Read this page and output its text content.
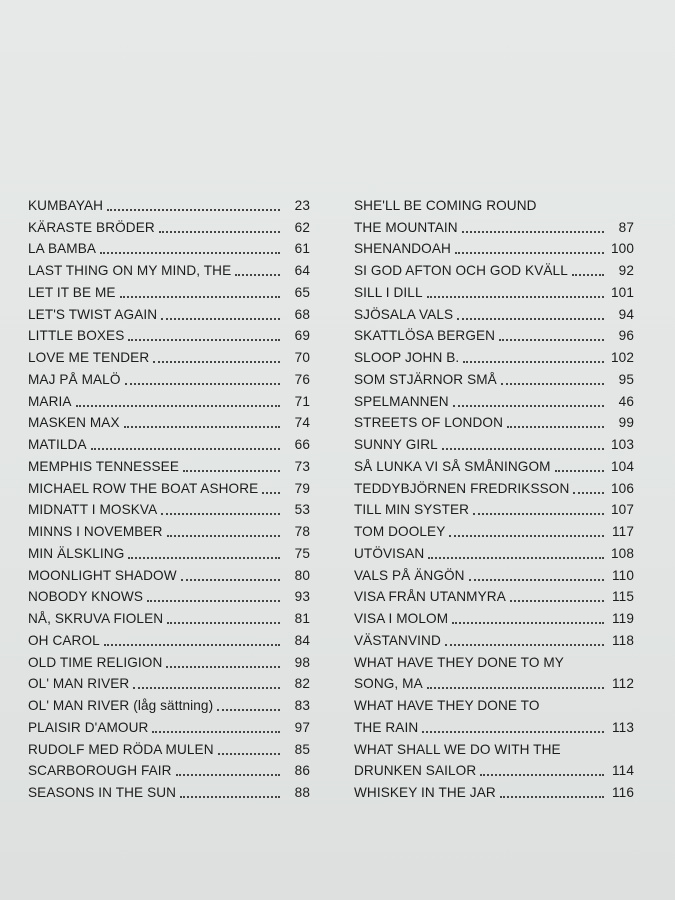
KUMBAYAH	23
KÄRASTE BRÖDER	62
LA BAMBA	61
LAST THING ON MY MIND, THE	64
LET IT BE ME	65
LET'S TWIST AGAIN	68
LITTLE BOXES	69
LOVE ME TENDER	70
MAJ PÅ MALÖ	76
MARIA	71
MASKEN MAX	74
MATILDA	66
MEMPHIS TENNESSEE	73
MICHAEL ROW THE BOAT ASHORE	79
MIDNATT I MOSKVA	53
MINNS I NOVEMBER	78
MIN ÄLSKLING	75
MOONLIGHT SHADOW	80
NOBODY KNOWS	93
NÅ, SKRUVA FIOLEN	81
OH CAROL	84
OLD TIME RELIGION	98
OL' MAN RIVER	82
OL' MAN RIVER (låg sättning)	83
PLAISIR D'AMOUR	97
RUDOLF MED RÖDA MULEN	85
SCARBOROUGH FAIR	86
SEASONS IN THE SUN	88
SHE'LL BE COMING ROUND
THE MOUNTAIN	87
SHENANDOAH	100
SI GOD AFTON OCH GOD KVÄLL	92
SILL I DILL	101
SJÖSALA VALS	94
SKATTLÖSA BERGEN	96
SLOOP JOHN B.	102
SOM STJÄRNOR SMÅ	95
SPELMANNEN	46
STREETS OF LONDON	99
SUNNY GIRL	103
SÅ LUNKA VI SÅ SMÅNINGOM	104
TEDDYBJÖRNEN FREDRIKSSON	106
TILL MIN SYSTER	107
TOM DOOLEY	117
UTÖVISAN	108
VALS PÅ ÄNGÖN	110
VISA FRÅN UTANMYRA	115
VISA I MOLOM	119
VÄSTANVIND	118
WHAT HAVE THEY DONE TO MY
SONG, MA	112
WHAT HAVE THEY DONE TO
THE RAIN	113
WHAT SHALL WE DO WITH THE
DRUNKEN SAILOR	114
WHISKEY IN THE JAR	116
